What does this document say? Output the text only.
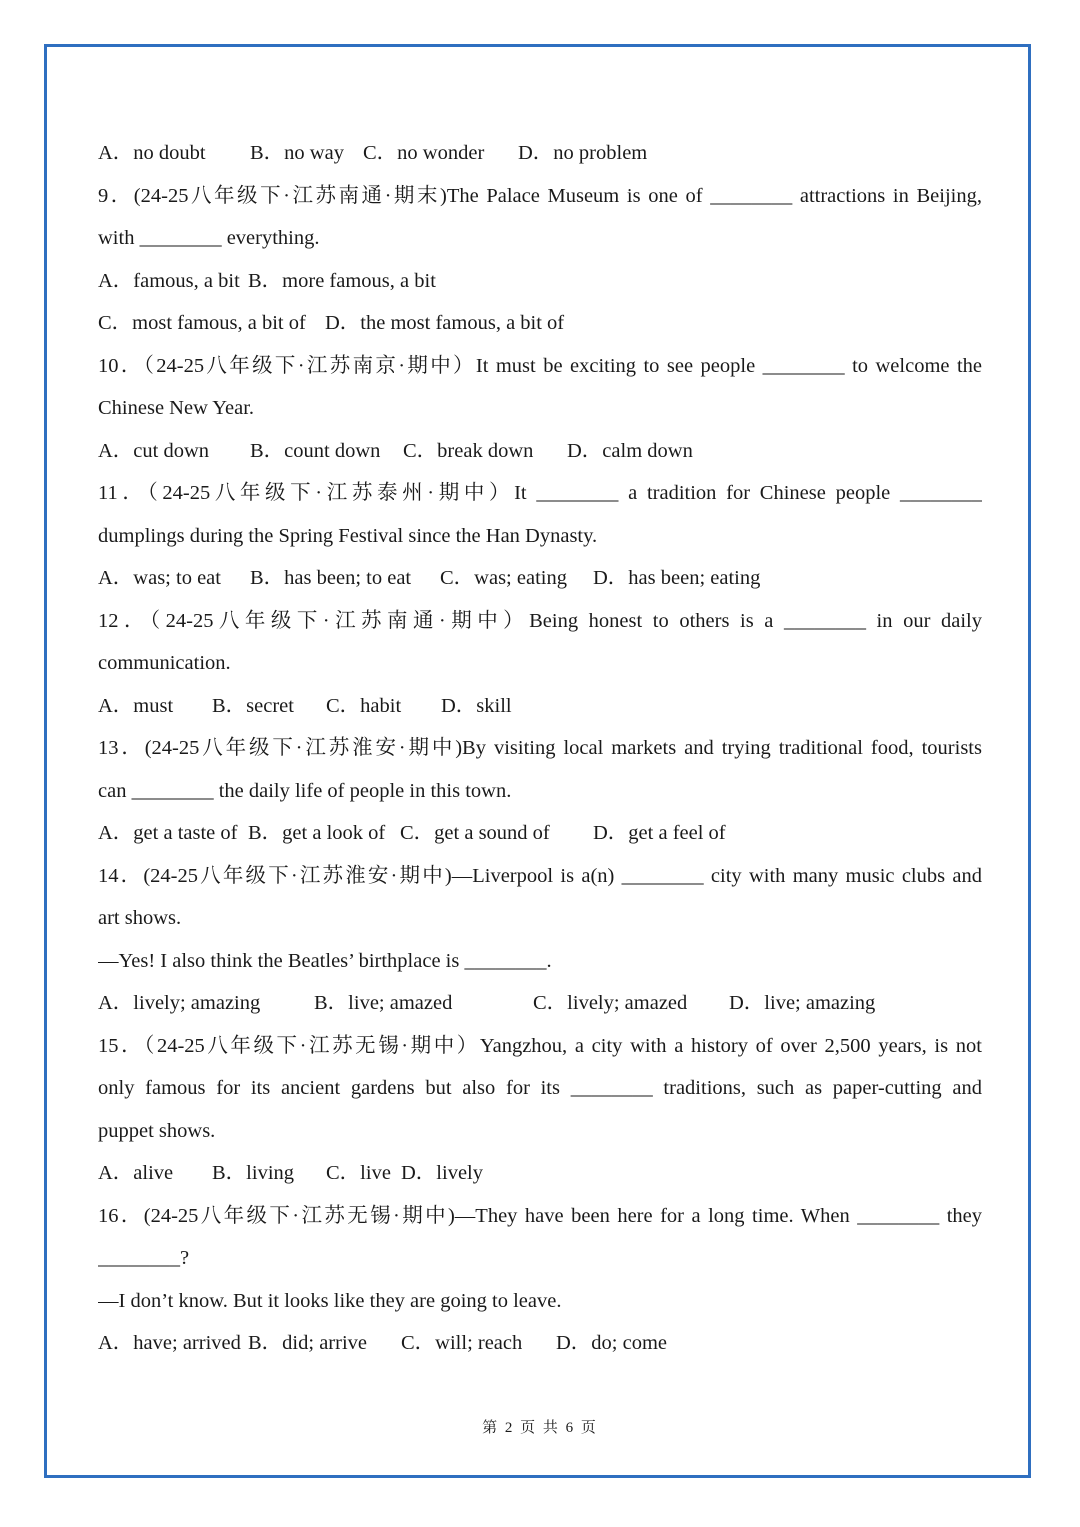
A．no doubt B．no way C．no wonder D．no problem
9．(24-25八年级下·江苏南通·期末)The Palace Museum is one of ________ attractions in Beijing,
with ________ everything.
A．famous, a bit B．more famous, a bit
C．most famous, a bit of D．the most famous, a bit of
10．（24-25八年级下·江苏南京·期中）It must be exciting to see people ________ to welcome the
Chinese New Year.
A．cut down B．count down C．break down D．calm down
11．（24-25八年级下·江苏泰州·期中）It ________ a tradition for Chinese people ________
dumplings during the Spring Festival since the Han Dynasty.
A．was; to eat B．has been; to eat C．was; eating D．has been; eating
12．（24-25八年级下·江苏南通·期中）Being honest to others is a ________ in our daily
communication.
A．must B．secret C．habit D．skill
13．(24-25八年级下·江苏淮安·期中)By visiting local markets and trying traditional food, tourists
can ________ the daily life of people in this town.
A．get a taste of B．get a look of C．get a sound of D．get a feel of
14．(24-25八年级下·江苏淮安·期中)—Liverpool is a(n) ________ city with many music clubs and
art shows.
—Yes! I also think the Beatles’ birthplace is ________.
A．lively; amazing	B．live; amazed	C．lively; amazed D．live; amazing
15．（24-25八年级下·江苏无锡·期中）Yangzhou, a city with a history of over 2,500 years, is not
only famous for its ancient gardens but also for its ________ traditions, such as paper-cutting and
puppet shows.
A．alive B．living C．live D．lively
16．(24-25八年级下·江苏无锡·期中)—They have been here for a long time. When ________ they
________?
—I don’t know. But it looks like they are going to leave.
A．have; arrived B．did; arrive C．will; reach D．do; come
第 2 页 共 6 页
